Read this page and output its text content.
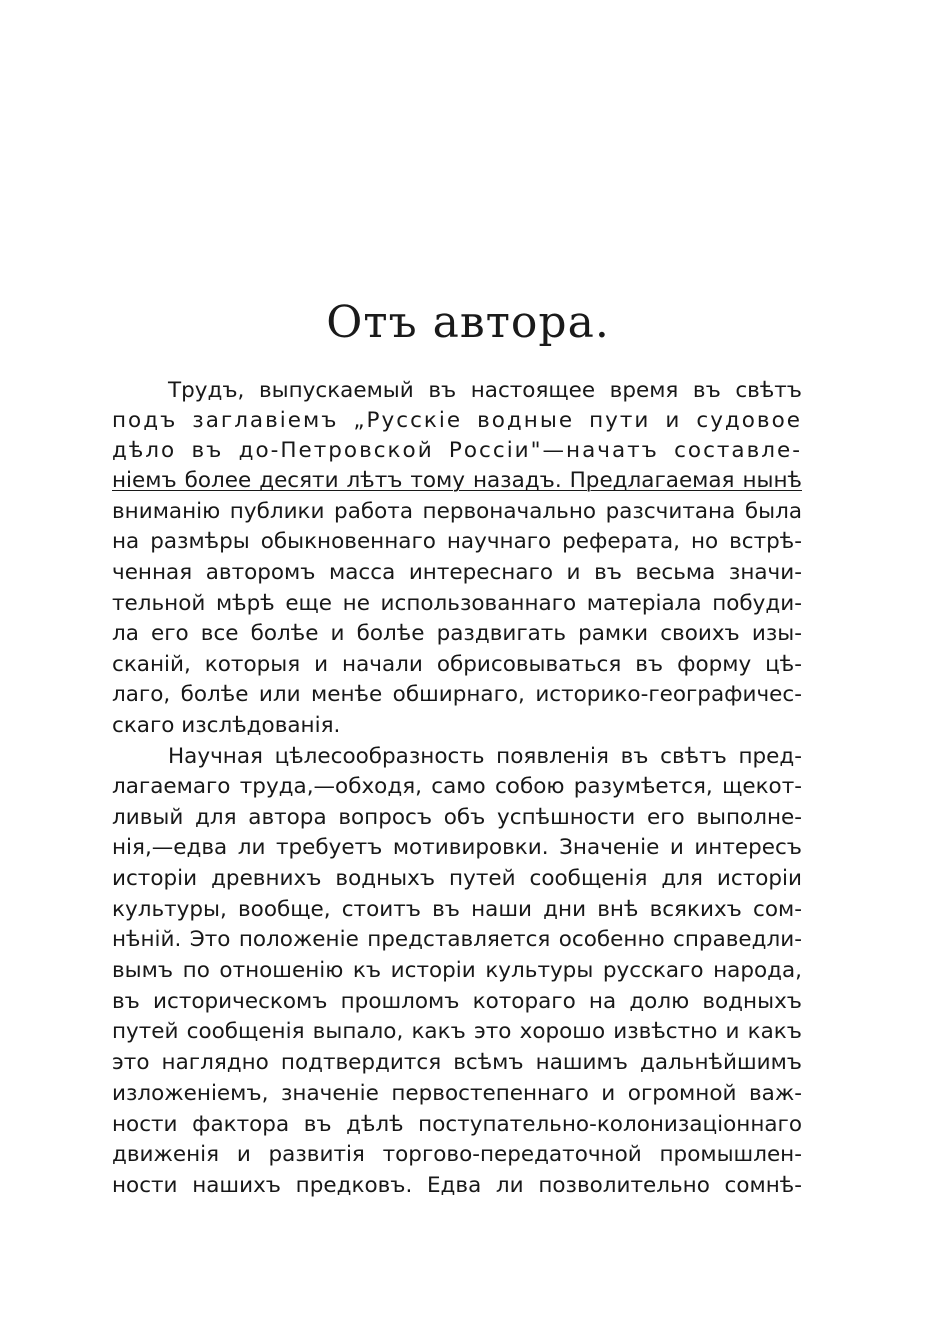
Отъ автора.

Трудъ, выпускаемый въ настоящее время въ свѣтъ

подъ заглавіемъ „Русскіе водные пути и судовое

дѣло въ до-Петровской Россіи"—начатъ составле-

ніемъ более десяти лѣтъ тому назадъ. Предлагаемая нынѣ

вниманію публики работа первоначально разсчитана была

на размѣры обыкновеннаго научнаго реферата, но встрѣ-

ченная авторомъ масса интереснаго и въ весьма значи-

тельной мѣрѣ еще не использованнаго матеріала побуди-

ла его все болѣе и болѣе раздвигать рамки своихъ изы-

сканій, которыя и начали обрисовываться въ форму цѣ-

лаго, болѣе или менѣе обширнаго, историко-географичес-

скаго изслѣдованія.

Научная цѣлесообразность появленія въ свѣтъ пред-

лагаемаго труда,—обходя, само собою разумѣется, щекот-

ливый для автора вопросъ объ успѣшности его выполне-

нія,—едва ли требуетъ мотивировки. Значеніе и интересъ

исторіи древнихъ водныхъ путей сообщенія для исторіи

культуры, вообще, стоитъ въ наши дни внѣ всякихъ сом-

нѣній. Это положеніе представляется особенно справедли-

вымъ по отношенію къ исторіи культуры русскаго народа,

въ историческомъ прошломъ котораго на долю водныхъ

путей сообщенія выпало, какъ это хорошо извѣстно и какъ

это наглядно подтвердится всѣмъ нашимъ дальнѣйшимъ

изложеніемъ, значеніе первостепеннаго и огромной важ-

ности фактора въ дѣлѣ поступательно-колонизаціоннаго

движенія и развитія торгово-передаточной промышлен-

ности нашихъ предковъ. Едва ли позволительно сомнѣ-
